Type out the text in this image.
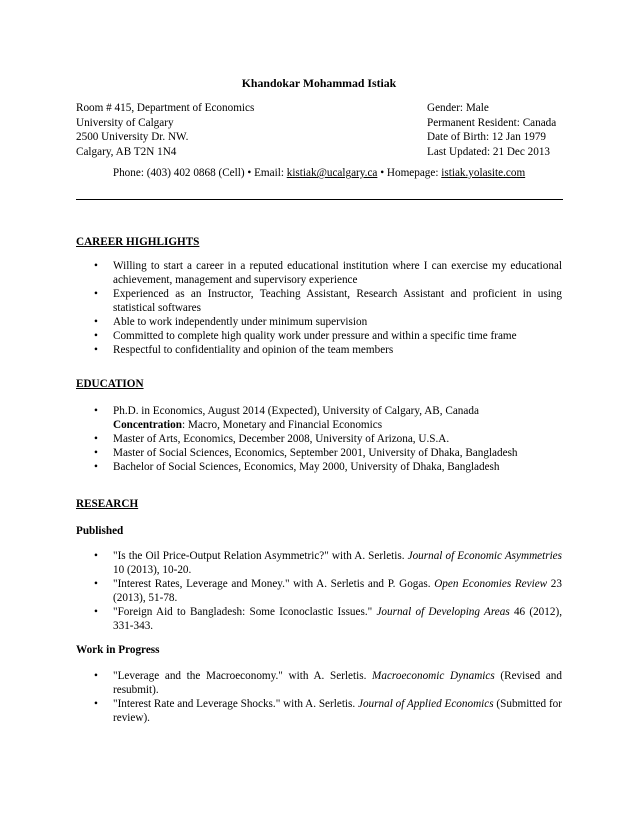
Khandokar Mohammad Istiak
Room # 415, Department of Economics
University of Calgary
2500 University Dr. NW.
Calgary, AB T2N 1N4
Gender: Male
Permanent Resident: Canada
Date of Birth: 12 Jan 1979
Last Updated: 21 Dec 2013
Phone: (403) 402 0868 (Cell) • Email: kistiak@ucalgary.ca • Homepage: istiak.yolasite.com
CAREER HIGHLIGHTS
• Willing to start a career in a reputed educational institution where I can exercise my educational achievement, management and supervisory experience
• Experienced as an Instructor, Teaching Assistant, Research Assistant and proficient in using statistical softwares
• Able to work independently under minimum supervision
• Committed to complete high quality work under pressure and within a specific time frame
• Respectful to confidentiality and opinion of the team members
EDUCATION
• Ph.D. in Economics, August 2014 (Expected), University of Calgary, AB, Canada
Concentration: Macro, Monetary and Financial Economics
• Master of Arts, Economics, December 2008, University of Arizona, U.S.A.
• Master of Social Sciences, Economics, September 2001, University of Dhaka, Bangladesh
• Bachelor of Social Sciences, Economics, May 2000, University of Dhaka, Bangladesh
RESEARCH
Published
• "Is the Oil Price-Output Relation Asymmetric?" with A. Serletis. Journal of Economic Asymmetries 10 (2013), 10-20.
• "Interest Rates, Leverage and Money." with A. Serletis and P. Gogas. Open Economies Review 23 (2013), 51-78.
• "Foreign Aid to Bangladesh: Some Iconoclastic Issues." Journal of Developing Areas 46 (2012), 331-343.
Work in Progress
• "Leverage and the Macroeconomy." with A. Serletis. Macroeconomic Dynamics (Revised and resubmit).
• "Interest Rate and Leverage Shocks." with A. Serletis. Journal of Applied Economics (Submitted for review).
